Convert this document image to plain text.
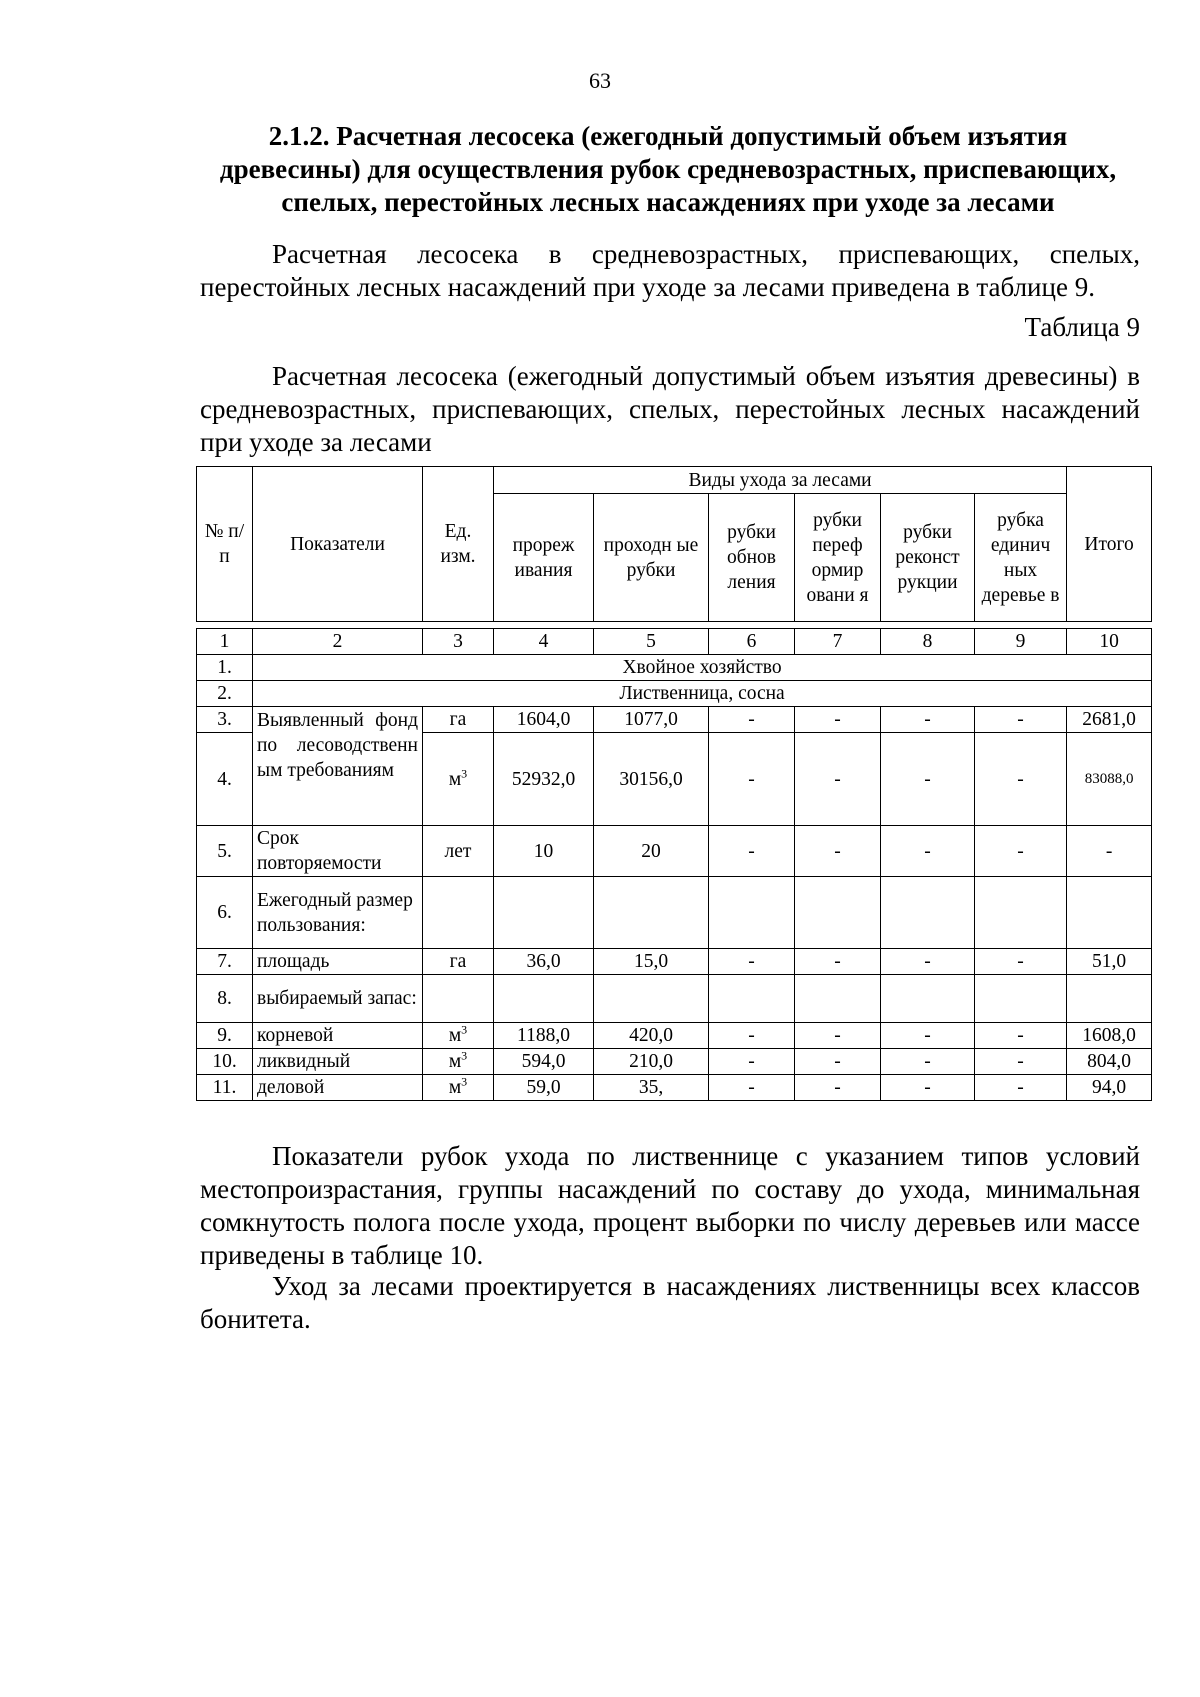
63
2.1.2. Расчетная лесосека (ежегодный допустимый объем изъятия древесины) для осуществления рубок средневозрастных, приспевающих, спелых, перестойных лесных насаждениях при уходе за лесами
Расчетная лесосека в средневозрастных, приспевающих, спелых, перестойных лесных насаждений при уходе за лесами приведена в таблице 9.
Таблица 9
Расчетная лесосека (ежегодный допустимый объем изъятия древесины) в средневозрастных, приспевающих, спелых, перестойных лесных насаждений при уходе за лесами
№ п/п	Показатели	Ед. изм.	Виды ухода за лесами						Итого
			прореж ивания	проходн ые рубки	рубки обнов ления	рубки переф ормир овани я	рубки реконст рукции	рубка единич ных деревье в	

1	2	3	4	5	6	7	8	9	10
1.	Хвойное хозяйство								
2.	Лиственница, сосна								
3.	Выявленный фонд по лесоводственн ым требованиям	га	1604,0	1077,0	-	-	-	-	2681,0
4.		$м^3$	52932,0	30156,0	-	-	-	-	83088,0
5.	Срок повторяемости	лет	10	20	-	-	-	-	-
6.	Ежегодный размер пользования:								
7.	площадь	га	36,0	15,0	-	-	-	-	51,0
8.	выбираемый запас:								
9.	корневой	$м^3$	1188,0	420,0	-	-	-	-	1608,0
10.	ликвидный	$м^3$	594,0	210,0	-	-	-	-	804,0
11.	деловой	$м^3$	59,0	35,	-	-	-	-	94,0
Показатели рубок ухода по лиственнице с указанием типов условий местопроизрастания, группы насаждений по составу до ухода, минимальная сомкнутость полога после ухода, процент выборки по числу деревьев или массе приведены в таблице 10.
Уход за лесами проектируется в насаждениях лиственницы всех классов бонитета.
